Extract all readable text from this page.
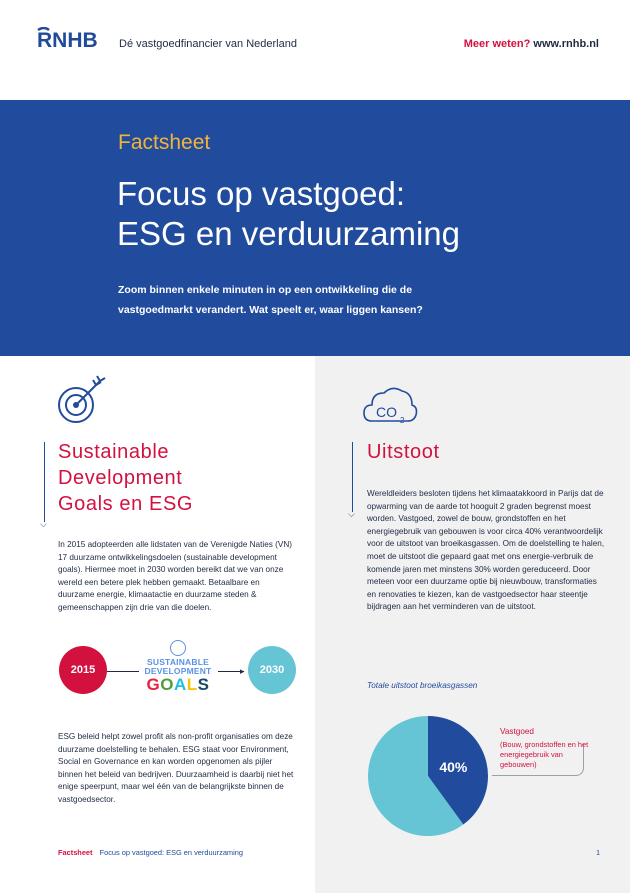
RNHB Dé vastgoedfinancier van Nederland	Meer weten? www.rnhb.nl
Factsheet
Focus op vastgoed:
ESG en verduurzaming
Zoom binnen enkele minuten in op een ontwikkeling die de vastgoedmarkt verandert. Wat speelt er, waar liggen kansen?
CO
2
⌵
⌵
Sustainable
Development
Goals en ESG
Uitstoot
In 2015 adopteerden alle lidstaten van de Verenigde Naties (VN) 17 duurzame ontwikkelingsdoelen (sustainable development goals). Hiermee moet in 2030 worden bereikt dat we van onze wereld een betere plek hebben gemaakt. Betaalbare en duurzame energie, klimaatactie en duurzame steden & gemeenschappen zijn drie van die doelen.
2015
SUSTAINABLE
DEVELOPMENT
GOALS
▸	2030
ESG beleid helpt zowel profit als non-profit organisaties om deze duurzame doelstelling te behalen. ESG staat voor Environment, Social en Governance en kan worden opgenomen als pijler binnen het beleid van bedrijven. Duurzaamheid is daarbij niet het enige speerpunt, maar wel één van de belangrijkste binnen de vastgoedsector.
Wereldleiders besloten tijdens het klimaatakkoord in Parijs dat de opwarming van de aarde tot hooguit 2 graden begrenst moest worden. Vastgoed, zowel de bouw, grondstoffen en het energiegebruik van gebouwen is voor circa 40% verantwoordelijk voor de uitstoot van broeikasgassen. Om de doelstelling te halen, moet de uitstoot die gepaard gaat met ons energie-verbruik de komende jaren met minstens 30% worden gereduceerd. Door meteen voor een duurzame optie bij nieuwbouw, transformaties en renovaties te kiezen, kan de vastgoedsector haar steentje bijdragen aan het verminderen van de uitstoot.
Totale uitstoot broeikasgassen
40%
Vastgoed
(Bouw, grondstoffen en het energiegebruik van gebouwen)
Factsheet Focus op vastgoed: ESG en verduurzaming	1
